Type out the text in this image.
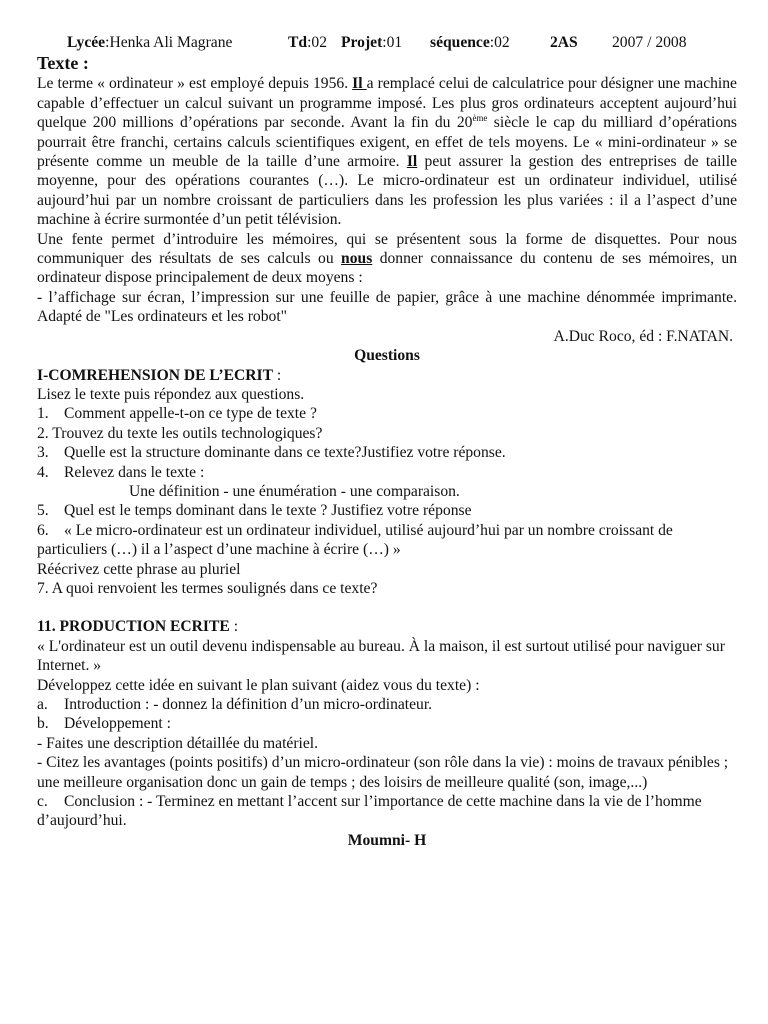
Lycée:Henka Ali Magrane	Td:02 Projet:01	séquence:02	2AS	2007 / 2008
Texte :

Le terme « ordinateur » est employé depuis 1956. Il a remplacé celui de calculatrice pour désigner une machine capable d’effectuer un calcul suivant un programme imposé. Les plus gros ordinateurs acceptent aujourd’hui quelque 200 millions d’opérations par seconde. Avant la fin du 20ème siècle le cap du milliard d’opérations pourrait être franchi, certains calculs scientifiques exigent, en effet de tels moyens. Le « mini-ordinateur » se présente comme un meuble de la taille d’une armoire. Il peut assurer la gestion des entreprises de taille moyenne, pour des opérations courantes (…). Le micro-ordinateur est un ordinateur individuel, utilisé aujourd’hui par un nombre croissant de particuliers dans les profession les plus variées : il a l’aspect d’une machine à écrire surmontée d’un petit télévision.

Une fente permet d’introduire les mémoires, qui se présentent sous la forme de disquettes. Pour nous communiquer des résultats de ses calculs ou nous donner connaissance du contenu de ses mémoires, un ordinateur dispose principalement de deux moyens :

- l’affichage sur écran, l’impression sur une feuille de papier, grâce à une machine dénommée imprimante. Adapté de "Les ordinateurs et les robot"

A.Duc Roco, éd : F.NATAN.

Questions

I-COMREHENSION DE L’ECRIT :

Lisez le texte puis répondez aux questions.

1. Comment appelle-t-on ce type de texte ?

2. Trouvez du texte les outils technologiques?

3. Quelle est la structure dominante dans ce texte?Justifiez votre réponse.

4. Relevez dans le texte :

Une définition - une énumération - une comparaison.

5. Quel est le temps dominant dans le texte ? Justifiez votre réponse

6. « Le micro-ordinateur est un ordinateur individuel, utilisé aujourd’hui par un nombre croissant de particuliers (…) il a l’aspect d’une machine à écrire (…) »

Réécrivez cette phrase au pluriel

7. A quoi renvoient les termes soulignés dans ce texte?

11. PRODUCTION ECRITE :

« L'ordinateur est un outil devenu indispensable au bureau. À la maison, il est surtout utilisé pour naviguer sur Internet. »

Développez cette idée en suivant le plan suivant (aidez vous du texte) :

a. Introduction : - donnez la définition d’un micro-ordinateur.

b. Développement :

- Faites une description détaillée du matériel.

- Citez les avantages (points positifs) d’un micro-ordinateur (son rôle dans la vie) : moins de travaux pénibles ; une meilleure organisation donc un gain de temps ; des loisirs de meilleure qualité (son, image,...)

c. Conclusion : - Terminez en mettant l’accent sur l’importance de cette machine dans la vie de l’homme d’aujourd’hui.

Moumni- H
